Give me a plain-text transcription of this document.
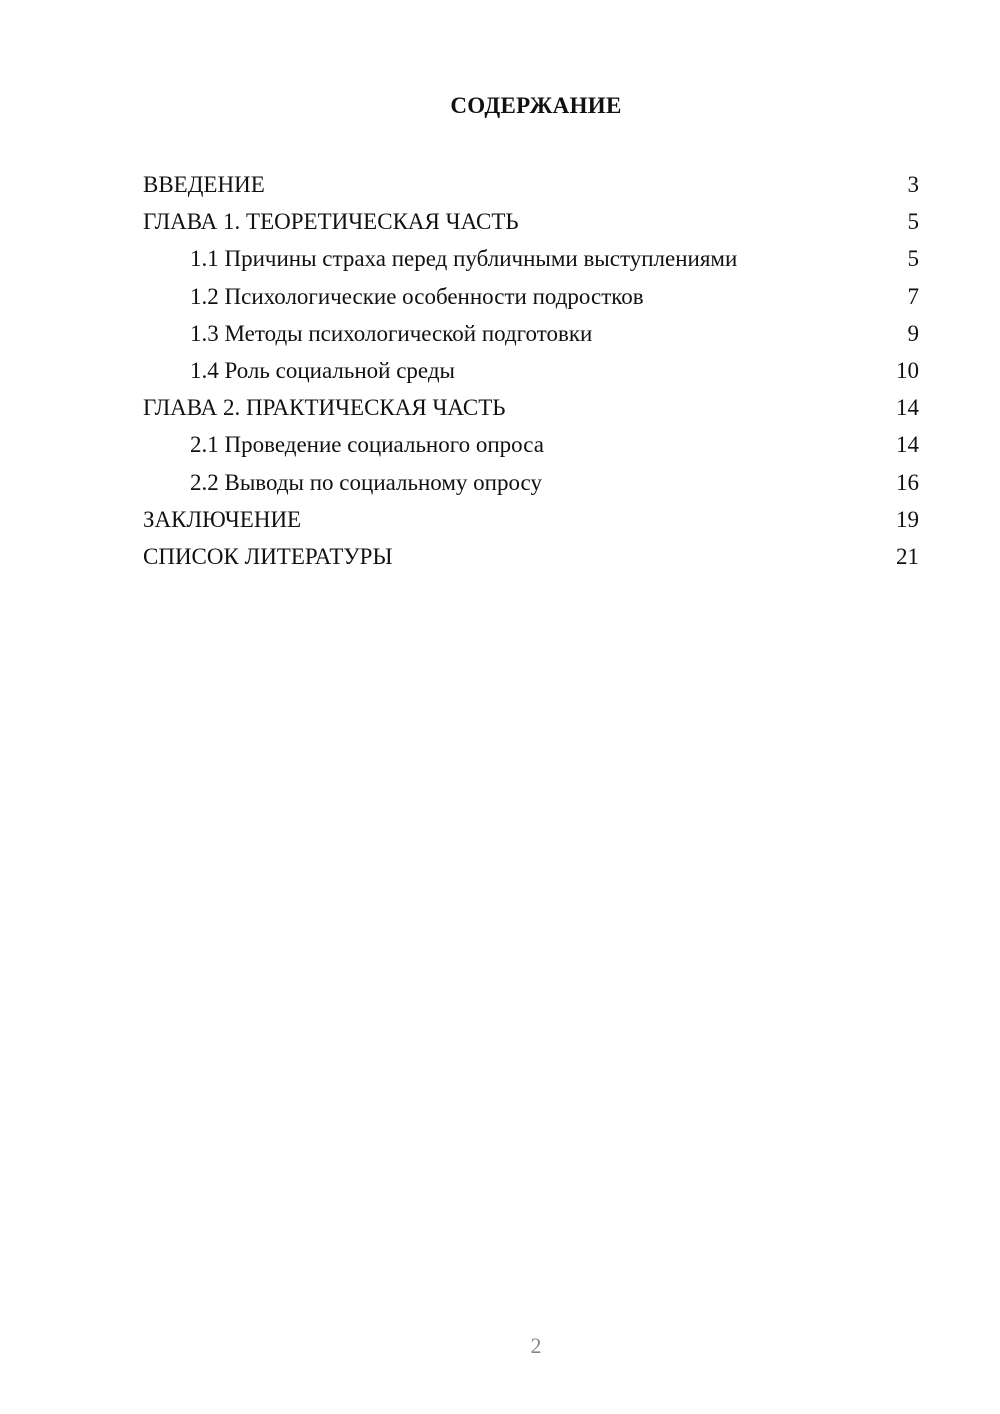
СОДЕРЖАНИЕ
ВВЕДЕНИЕ	3
ГЛАВА 1. ТЕОРЕТИЧЕСКАЯ ЧАСТЬ	5
1.1 Причины страха перед публичными выступлениями	5
1.2 Психологические особенности подростков	7
1.3 Методы психологической подготовки	9
1.4 Роль социальной среды	10
ГЛАВА 2. ПРАКТИЧЕСКАЯ ЧАСТЬ	14
2.1 Проведение социального опроса	14
2.2 Выводы по социальному опросу	16
ЗАКЛЮЧЕНИЕ	19
СПИСОК ЛИТЕРАТУРЫ	21
2
